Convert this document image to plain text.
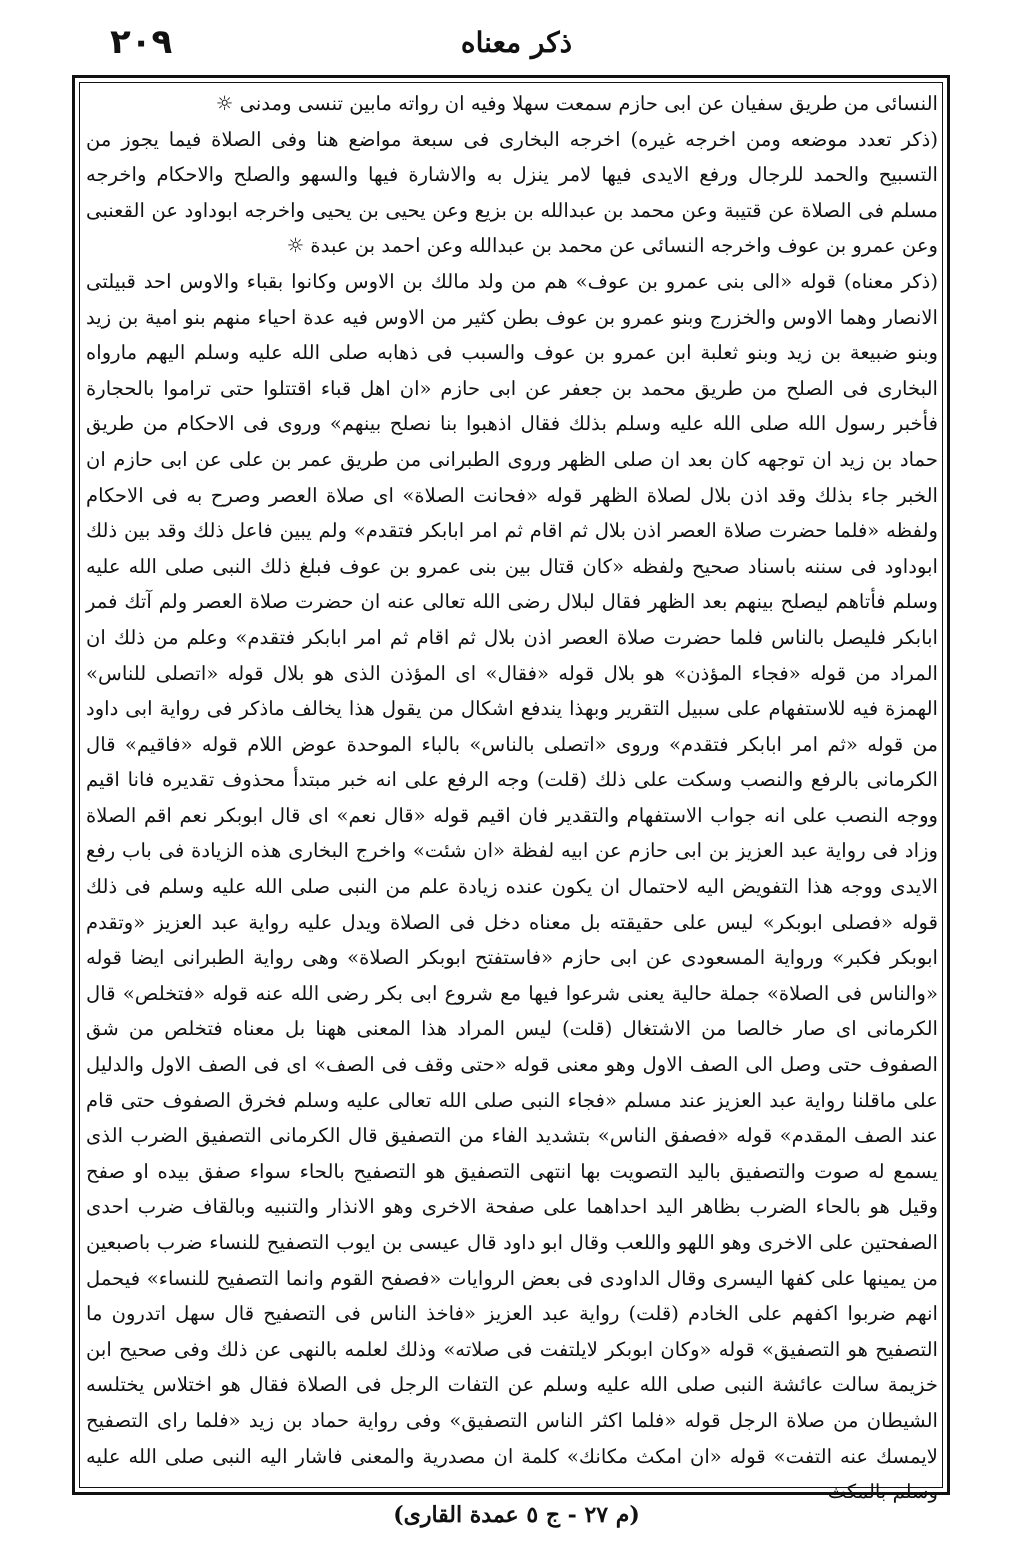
٢٠٩	ذكر معناه

النسائى من طريق سفيان عن ابى حازم سمعت سهلا وفيه ان رواته مابين تنسى ومدنى ☼

(ذكر تعدد موضعه ومن اخرجه غيره) اخرجه البخارى فى سبعة مواضع هنا وفى الصلاة فيما يجوز من التسبيح والحمد للرجال ورفع الايدى فيها لامر ينزل به والاشارة فيها والسهو والصلح والاحكام واخرجه مسلم فى الصلاة عن قتيبة وعن محمد بن عبدالله بن بزيع وعن يحيى بن يحيى واخرجه ابوداود عن القعنبى وعن عمرو بن عوف واخرجه النسائى عن محمد بن عبدالله وعن احمد بن عبدة ☼

(ذكر معناه) قوله «الى بنى عمرو بن عوف» هم من ولد مالك بن الاوس وكانوا بقباء والاوس احد قبيلتى الانصار وهما الاوس والخزرج وبنو عمرو بن عوف بطن كثير من الاوس فيه عدة احياء منهم بنو امية بن زيد وبنو ضبيعة بن زيد وبنو ثعلبة ابن عمرو بن عوف والسبب فى ذهابه صلى الله عليه وسلم اليهم مارواه البخارى فى الصلح من طريق محمد بن جعفر عن ابى حازم «ان اهل قباء اقتتلوا حتى تراموا بالحجارة فأخبر رسول الله صلى الله عليه وسلم بذلك فقال اذهبوا بنا نصلح بينهم» وروى فى الاحكام من طريق حماد بن زيد ان توجهه كان بعد ان صلى الظهر وروى الطبرانى من طريق عمر بن على عن ابى حازم ان الخبر جاء بذلك وقد اذن بلال لصلاة الظهر قوله «فحانت الصلاة» اى صلاة العصر وصرح به فى الاحكام ولفظه «فلما حضرت صلاة العصر اذن بلال ثم اقام ثم امر ابابكر فتقدم» ولم يبين فاعل ذلك وقد بين ذلك ابوداود فى سننه باسناد صحيح ولفظه «كان قتال بين بنى عمرو بن عوف فبلغ ذلك النبى صلى الله عليه وسلم فأتاهم ليصلح بينهم بعد الظهر فقال لبلال رضى الله تعالى عنه ان حضرت صلاة العصر ولم آتك فمر ابابكر فليصل بالناس فلما حضرت صلاة العصر اذن بلال ثم اقام ثم امر ابابكر فتقدم» وعلم من ذلك ان المراد من قوله «فجاء المؤذن» هو بلال قوله «فقال» اى المؤذن الذى هو بلال قوله «اتصلى للناس» الهمزة فيه للاستفهام على سبيل التقرير وبهذا يندفع اشكال من يقول هذا يخالف ماذكر فى رواية ابى داود من قوله «ثم امر ابابكر فتقدم» وروى «اتصلى بالناس» بالباء الموحدة عوض اللام قوله «فاقيم» قال الكرمانى بالرفع والنصب وسكت على ذلك (قلت) وجه الرفع على انه خبر مبتدأ محذوف تقديره فانا اقيم ووجه النصب على انه جواب الاستفهام والتقدير فان اقيم قوله «قال نعم» اى قال ابوبكر نعم اقم الصلاة وزاد فى رواية عبد العزيز بن ابى حازم عن ابيه لفظة «ان شئت» واخرج البخارى هذه الزيادة فى باب رفع الايدى ووجه هذا التفويض اليه لاحتمال ان يكون عنده زيادة علم من النبى صلى الله عليه وسلم فى ذلك قوله «فصلى ابوبكر» ليس على حقيقته بل معناه دخل فى الصلاة ويدل عليه رواية عبد العزيز «وتقدم ابوبكر فكبر» ورواية المسعودى عن ابى حازم «فاستفتح ابوبكر الصلاة» وهى رواية الطبرانى ايضا قوله «والناس فى الصلاة» جملة حالية يعنى شرعوا فيها مع شروع ابى بكر رضى الله عنه قوله «فتخلص» قال الكرمانى اى صار خالصا من الاشتغال (قلت) ليس المراد هذا المعنى ههنا بل معناه فتخلص من شق الصفوف حتى وصل الى الصف الاول وهو معنى قوله «حتى وقف فى الصف» اى فى الصف الاول والدليل على ماقلنا رواية عبد العزيز عند مسلم «فجاء النبى صلى الله تعالى عليه وسلم فخرق الصفوف حتى قام عند الصف المقدم» قوله «فصفق الناس» بتشديد الفاء من التصفيق قال الكرمانى التصفيق الضرب الذى يسمع له صوت والتصفيق باليد التصويت بها انتهى التصفيق هو التصفيح بالحاء سواء صفق بيده او صفح وقيل هو بالحاء الضرب بظاهر اليد احداهما على صفحة الاخرى وهو الانذار والتنبيه وبالقاف ضرب احدى الصفحتين على الاخرى وهو اللهو واللعب وقال ابو داود قال عيسى بن ايوب التصفيح للنساء ضرب باصبعين من يمينها على كفها اليسرى وقال الداودى فى بعض الروايات «فصفح القوم وانما التصفيح للنساء» فيحمل انهم ضربوا اكفهم على الخادم (قلت) رواية عبد العزيز «فاخذ الناس فى التصفيح قال سهل اتدرون ما التصفيح هو التصفيق» قوله «وكان ابوبكر لايلتفت فى صلاته» وذلك لعلمه بالنهى عن ذلك وفى صحيح ابن خزيمة سالت عائشة النبى صلى الله عليه وسلم عن التفات الرجل فى الصلاة فقال هو اختلاس يختلسه الشيطان من صلاة الرجل قوله «فلما اكثر الناس التصفيق» وفى رواية حماد بن زيد «فلما راى التصفيح لايمسك عنه التفت» قوله «ان امكث مكانك» كلمة ان مصدرية والمعنى فاشار اليه النبى صلى الله عليه وسلم بالمكث

(م ٢٧ - ج ٥ عمدة القارى)
